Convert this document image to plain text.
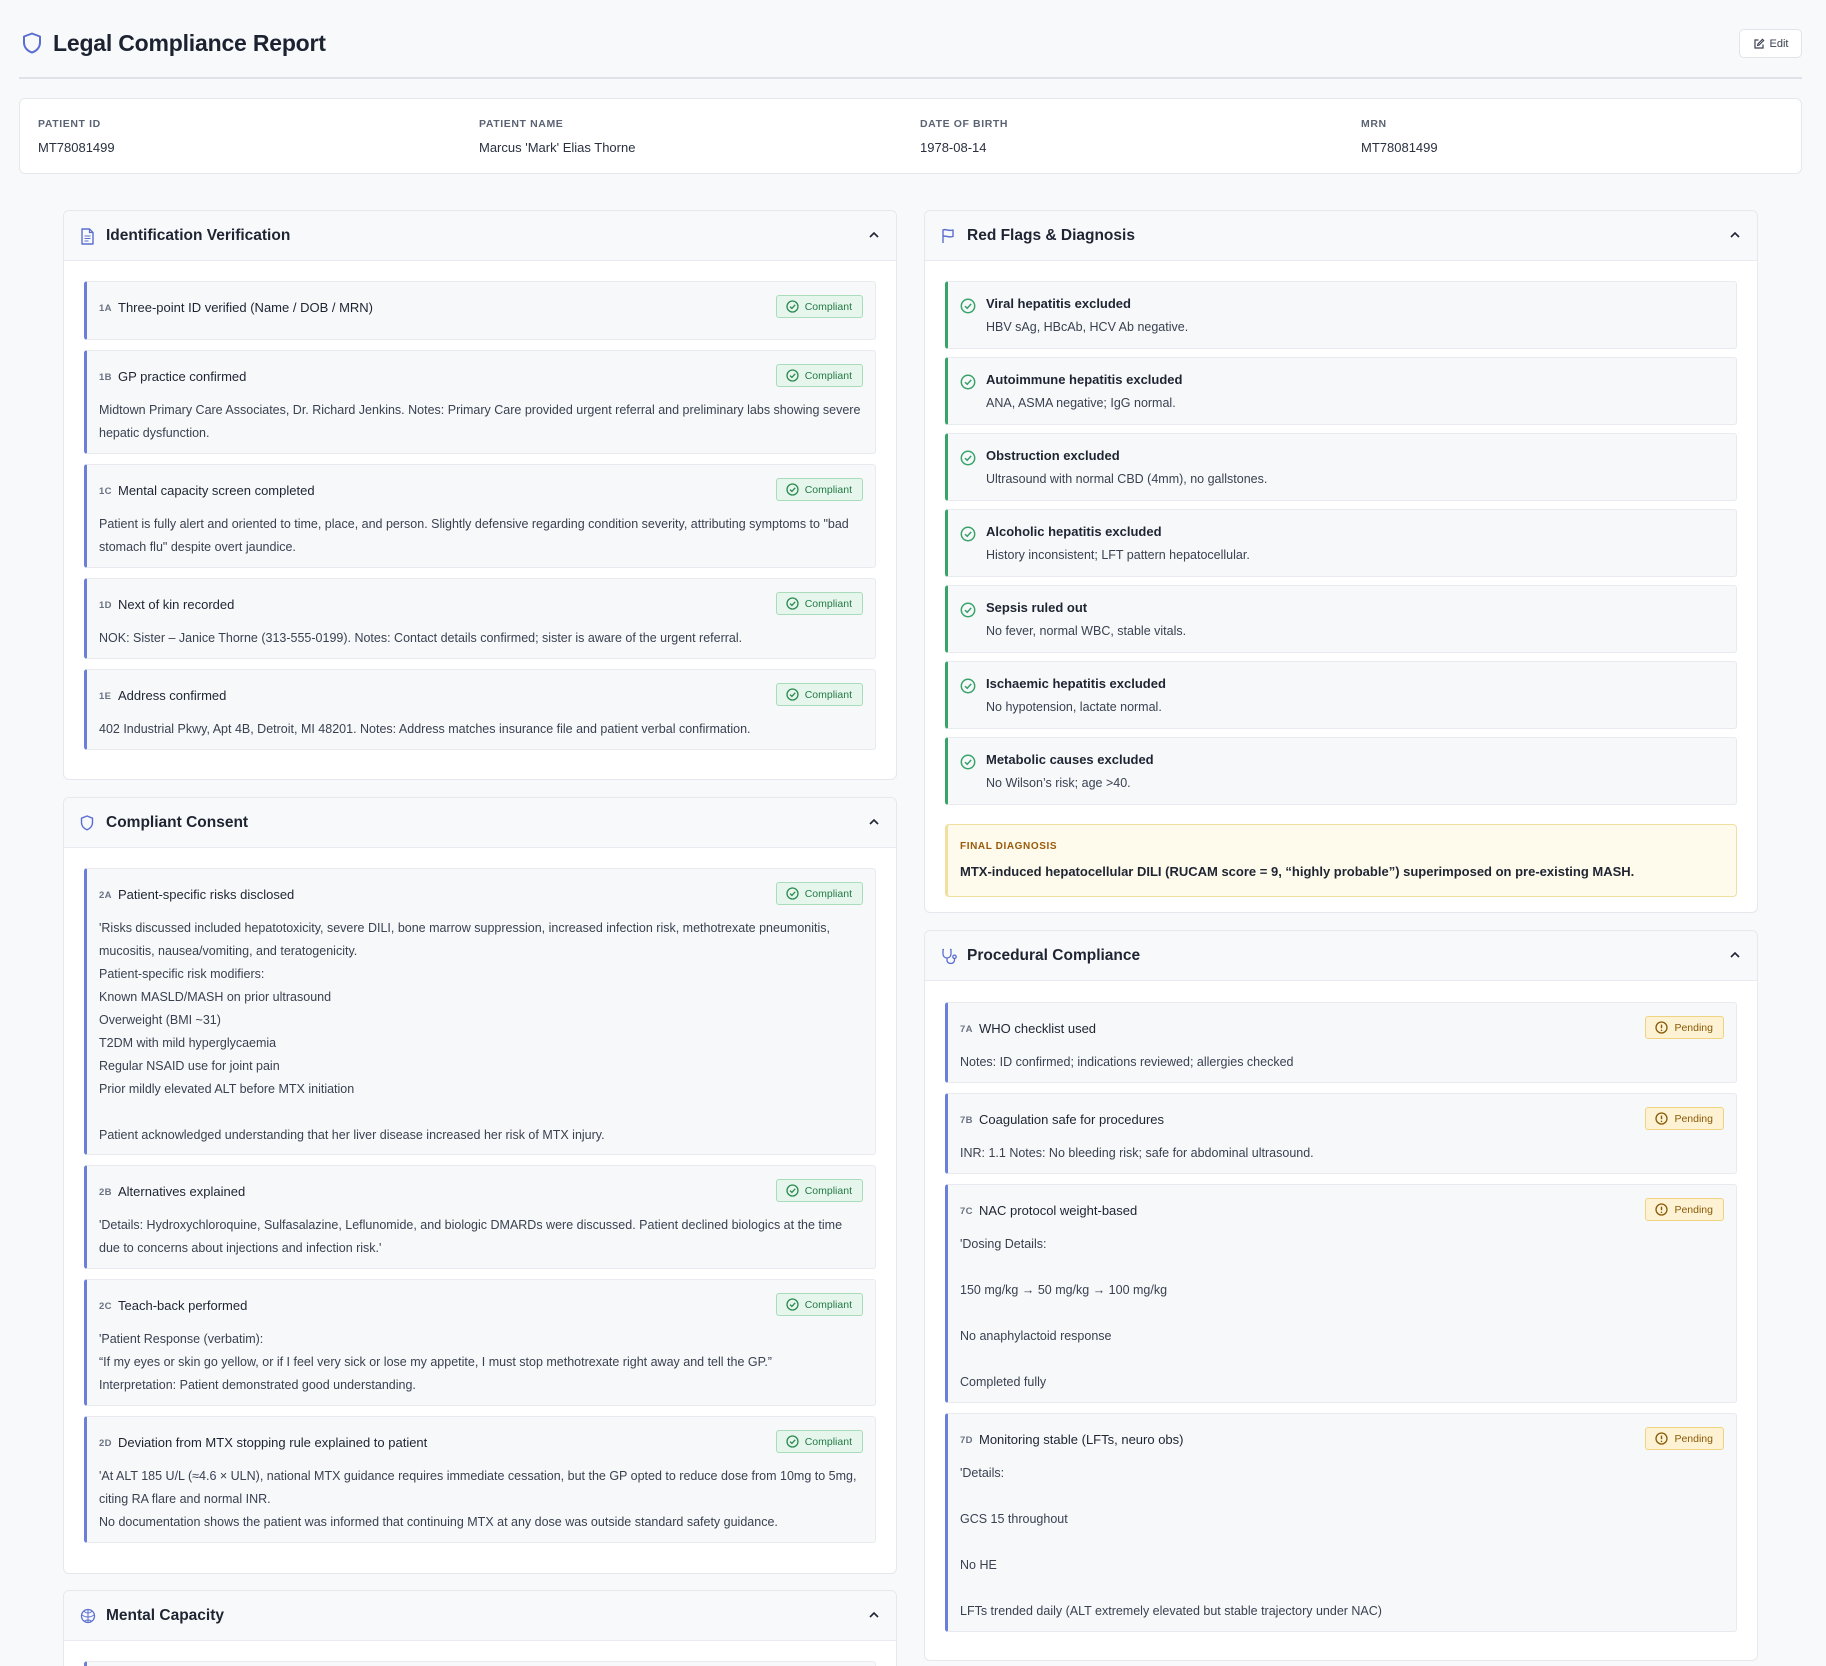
Legal Compliance Report	Edit
PATIENT ID
MT78081499
PATIENT NAME
Marcus 'Mark' Elias Thorne
DATE OF BIRTH
1978-08-14
MRN
MT78081499
Identification Verification
1A Three-point ID verified (Name / DOB / MRN)	Compliant
1B GP practice confirmed	Compliant
Midtown Primary Care Associates, Dr. Richard Jenkins. Notes: Primary Care provided urgent referral and preliminary labs showing severe hepatic dysfunction.
1C Mental capacity screen completed	Compliant
Patient is fully alert and oriented to time, place, and person. Slightly defensive regarding condition severity, attributing symptoms to "bad stomach flu" despite overt jaundice.
1D Next of kin recorded	Compliant
NOK: Sister – Janice Thorne (313-555-0199). Notes: Contact details confirmed; sister is aware of the urgent referral.
1E Address confirmed	Compliant
402 Industrial Pkwy, Apt 4B, Detroit, MI 48201. Notes: Address matches insurance file and patient verbal confirmation.
Compliant Consent
2A Patient-specific risks disclosed	Compliant
'Risks discussed included hepatotoxicity, severe DILI, bone marrow suppression, increased infection risk, methotrexate pneumonitis, mucositis, nausea/vomiting, and teratogenicity.
Patient-specific risk modifiers:
Known MASLD/MASH on prior ultrasound
Overweight (BMI ~31)
T2DM with mild hyperglycaemia
Regular NSAID use for joint pain
Prior mildly elevated ALT before MTX initiation

Patient acknowledged understanding that her liver disease increased her risk of MTX injury.
2B Alternatives explained	Compliant
'Details: Hydroxychloroquine, Sulfasalazine, Leflunomide, and biologic DMARDs were discussed. Patient declined biologics at the time due to concerns about injections and infection risk.'
2C Teach-back performed	Compliant
'Patient Response (verbatim):
“If my eyes or skin go yellow, or if I feel very sick or lose my appetite, I must stop methotrexate right away and tell the GP.”
Interpretation: Patient demonstrated good understanding.
2D Deviation from MTX stopping rule explained to patient	Compliant
'At ALT 185 U/L (≈4.6 × ULN), national MTX guidance requires immediate cessation, but the GP opted to reduce dose from 10mg to 5mg, citing RA flare and normal INR.
No documentation shows the patient was informed that continuing MTX at any dose was outside standard safety guidance.
Mental Capacity
Red Flags & Diagnosis
Viral hepatitis excluded
HBV sAg, HBcAb, HCV Ab negative.
Autoimmune hepatitis excluded
ANA, ASMA negative; IgG normal.
Obstruction excluded
Ultrasound with normal CBD (4mm), no gallstones.
Alcoholic hepatitis excluded
History inconsistent; LFT pattern hepatocellular.
Sepsis ruled out
No fever, normal WBC, stable vitals.
Ischaemic hepatitis excluded
No hypotension, lactate normal.
Metabolic causes excluded
No Wilson’s risk; age >40.
FINAL DIAGNOSIS
MTX-induced hepatocellular DILI (RUCAM score = 9, “highly probable”) superimposed on pre-existing MASH.
Procedural Compliance
7A WHO checklist used	Pending
Notes: ID confirmed; indications reviewed; allergies checked
7B Coagulation safe for procedures	Pending
INR: 1.1 Notes: No bleeding risk; safe for abdominal ultrasound.
7C NAC protocol weight-based	Pending
'Dosing Details:

150 mg/kg → 50 mg/kg → 100 mg/kg

No anaphylactoid response

Completed fully
7D Monitoring stable (LFTs, neuro obs)	Pending
'Details:

GCS 15 throughout

No HE

LFTs trended daily (ALT extremely elevated but stable trajectory under NAC)
